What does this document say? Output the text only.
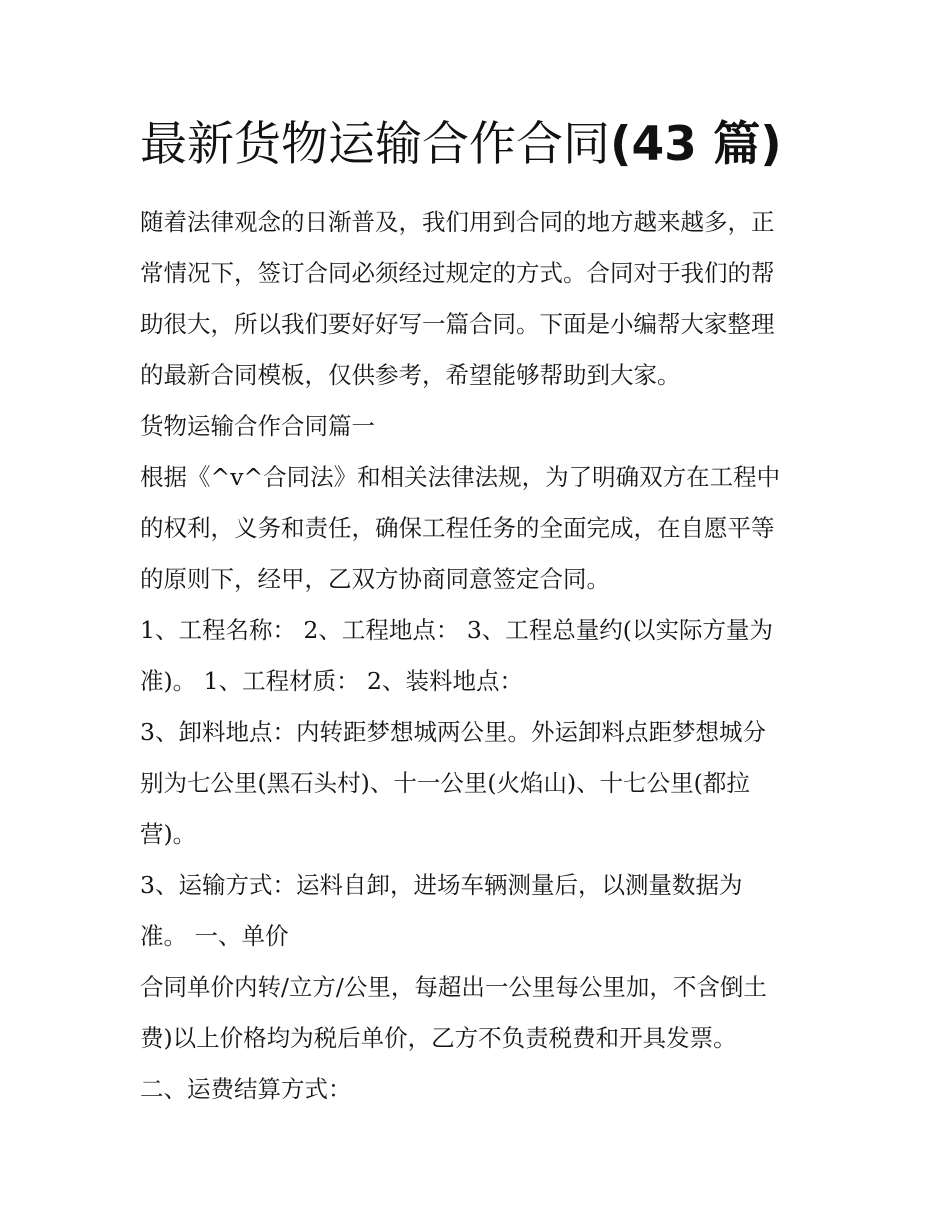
最新货物运输合作合同(43 篇)
随着法律观念的日渐普及，我们用到合同的地方越来越多，正
常情况下，签订合同必须经过规定的方式。合同对于我们的帮
助很大，所以我们要好好写一篇合同。下面是小编帮大家整理
的最新合同模板，仅供参考，希望能够帮助到大家。
货物运输合作合同篇一
根据《^v^合同法》和相关法律法规，为了明确双方在工程中
的权利，义务和责任，确保工程任务的全面完成，在自愿平等
的原则下，经甲，乙双方协商同意签定合同。
1、工程名称： 2、工程地点： 3、工程总量约(以实际方量为
准)。 1、工程材质： 2、装料地点：
3、卸料地点：内转距梦想城两公里。外运卸料点距梦想城分
别为七公里(黑石头村)、十一公里(火焰山)、十七公里(都拉
营)。
3、运输方式：运料自卸，进场车辆测量后，以测量数据为
准。 一、单价
合同单价内转/立方/公里，每超出一公里每公里加，不含倒土
费)以上价格均为税后单价，乙方不负责税费和开具发票。
二、运费结算方式：
